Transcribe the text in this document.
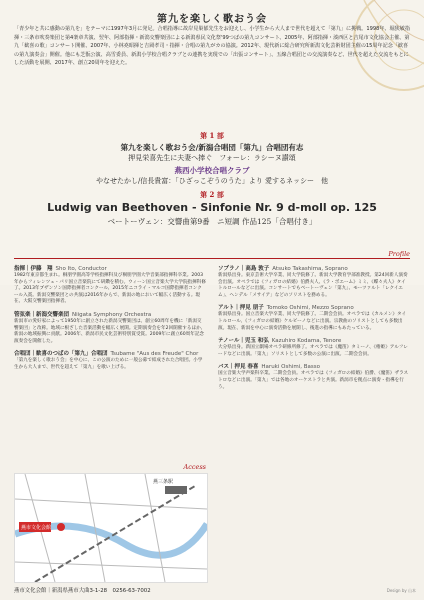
第九を楽しく歌おう会
「青少年と共に感動の第九を」をテーマに1997年3月に発足。合唱指導に故岸見巣郁先生をお迎えし、小学生から大人まで世代を超えて「第九」に挑戦。1998年、堀狭敏指揮・三条市吹奏楽団と第4楽章共演、翌年、阿部指揮・新潟交響楽団による新潟県民文化祭'99つばの第九コンサート、2005年、阿部指揮・湊西区と吉尾市文化協会主催、第九「歓喜の歌」コンサート開催、2007年、小林堯昭揮と吉岡孝司・指揮・合唱の第九がカの協演。2012年、現代新に総合研究所新潟文化芸術財団主催の15周年記念「歓喜の第九演奏会」開催。他にも芝翫公演、高雪委員、新潟小学校合唱クラブとの連携を実現での「出張コンサート」、五線合唱団との交流演奏など、世代を超えた交流をもとにした活動を展開、2017年、創立20周年を迎えた。
第 1 部
第九を楽しく歌おう会/新潟合唱団「第九」合唱団有志
押見栄喜先生に夫妻へ捧ぐ　フォーレ：ラシーヌ讃頌
燕西小学校合唱クラブ
やなせたかし/信長貴富：「ひざっこぞうのうた」より 愛するネッシー　他
第 2 部
Ludwig van Beethoven - Sinfonie Nr. 9 d-moll op. 125
ベートーヴェン：交響曲第9番　ニ短調 作品125「合唱付き」
Profile
指揮｜伊藤　翔 Sho Ito, Conductor
1982年東京都生まれ。桐朋学園高等学校指揮科及び桐朋学園大学音楽部指揮科卒業。2003年からフィレンツェ・パリ国立音楽院にて研鑽を積む。ウィーン国立音楽大学大学院指揮科修了。2013年ブザンソン国際指揮者コンクール、2015年ニコライ・マルコ国際指揮者コンクール入賞。新潟交響楽団との共演は2016年からで、新潟の地において幅広く活動する。現在、大阪交響楽団指揮者。
管弦楽｜新潟交響楽団 Niigata Symphony Orchestra
新潟市の愛好家によって1950年に創立された新潟交響楽団は、創立60周年を機に「新潟交響楽団」と改称。地域に根ざした音楽活動を幅広く展開。定期演奏会を年2回開催するほか、新潟の地域振興に貢献。2006年、新潟市民文化芸術特別賞受賞。2009年に創立60周年記念演奏会を開催した。
合唱団｜歓喜のつばの「第九」合唱団 Tsubame "Aus des Freude" Chor
「第九を楽しく歌おう会」を中心に、この公演のために一般公募で結成された合唱団。小学生から大人まで、世代を超えて「第九」を歌い上げる。
ソプラノ｜高島 敦子 Atsuko Takashima, Soprano
新潟県出身。東京芸術大学卒業、同大学院修了。新潟大学教育学部准教授。第24回新人演奏会出演。オペラでは《フィガロの結婚》伯爵夫人、《ラ・ボエーム》ミミ、《蝶々夫人》タイトルロールなどに出演。コンサートでもベートーヴェン「第九」、モーツァルト「レクイエム」、ヘンデル「メサイア」などのソリストを務める。
アルト｜押見 朋子 Tomoko Oshimi, Mezzo Soprano
新潟県出身。国立音楽大学卒業、同大学院修了。二期会会員。オペラでは《カルメン》タイトルロール、《フィガロの結婚》ケルビーノなどに出演。宗教曲のソリストとしても多数出演。現在、新潟を中心に演奏活動を展開し、後進の指導にもあたっている。
テノール｜児玉 和弘 Kazuhiro Kodama, Tenore
大分県出身。新国立劇場オペラ研修所修了。オペラでは《魔笛》タミーノ、《椿姫》アルフレードなどに出演。「第九」ソリストとして多数の公演に出演。二期会会員。
バス｜押見 春喜 Haruki Oshimi, Basso
国立音楽大学声楽科卒業。二期会会員。オペラでは《フィガロの結婚》伯爵、《魔笛》ザラストロなどに出演。「第九」では各地のオーケストラと共演。新潟市を拠点に演奏・指導を行う。
Access
燕三条駅
燕市文化会館
燕市文化会館｜新潟県燕市大曲3-1-28　0256-63-7002	Design by 山本
